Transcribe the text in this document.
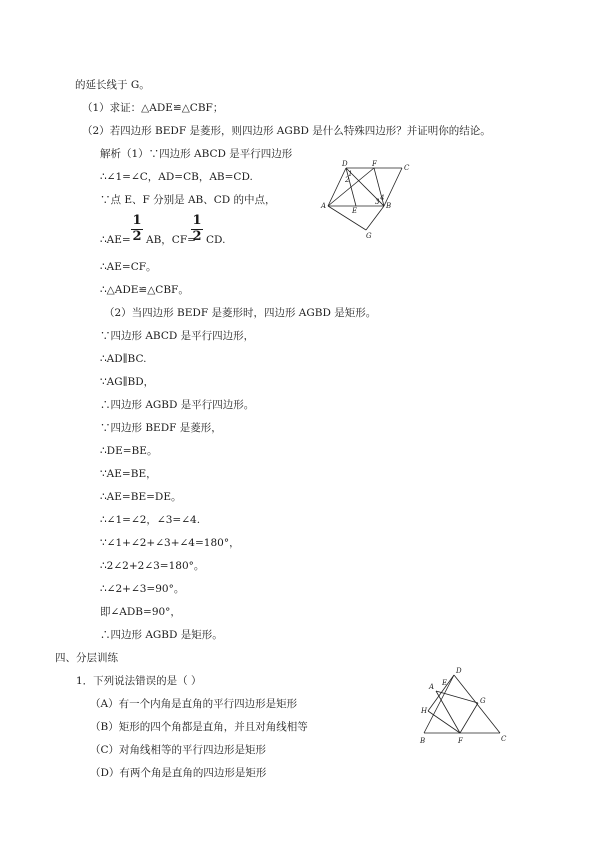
的延长线于 G。
（1）求证：△ADE≌△CBF；
（2）若四边形 BEDF 是菱形，则四边形 AGBD 是什么特殊四边形？并证明你的结论。
解析（1）∵四边形 ABCD 是平行四边形
∴∠1=∠C，AD=CB，AB=CD.
∵点 E、F 分别是 AB、CD 的中点，
∴AE=
1
2 AB，CF=
1
2 CD.
∴AE=CF。
∴△ADE≌△CBF。
（2）当四边形 BEDF 是菱形时，四边形 AGBD 是矩形。
∵四边形 ABCD 是平行四边形，
∴AD∥BC.
∵AG∥BD，
∴四边形 AGBD 是平行四边形。
∵四边形 BEDF 是菱形，
∴DE=BE。
∵AE=BE，
∴AE=BE=DE。
∴∠1=∠2，∠3=∠4.
∵∠1+∠2+∠3+∠4=180°，
∴2∠2+2∠3=180°。
∴∠2+∠3=90°。
即∠ADB=90°，
∴四边形 AGBD 是矩形。
四、分层训练
1．下列说法错误的是（ ）
（A）有一个内角是直角的平行四边形是矩形
（B）矩形的四个角都是直角，并且对角线相等
（C）对角线相等的平行四边形是矩形
（D）有两个角是直角的四边形是矩形
D	F	C
A
E
B
G
1
2
3 4
D
A E
G
H
B	F	C
